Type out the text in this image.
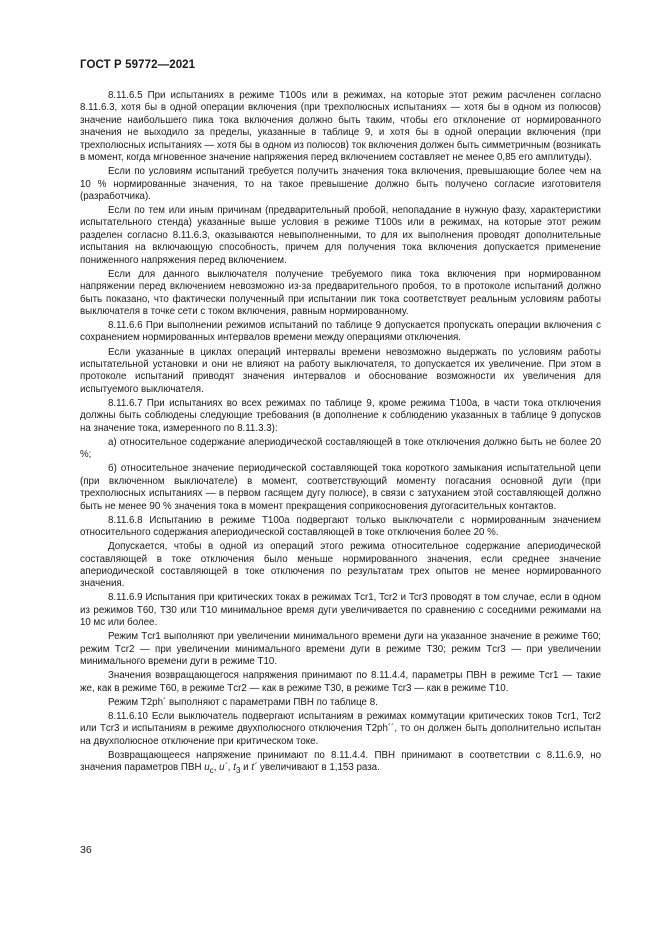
ГОСТ Р 59772—2021

8.11.6.5 При испытаниях в режиме Т100s или в режимах, на которые этот режим расчленен согласно 8.11.6.3, хотя бы в одной операции включения (при трехполюсных испытаниях — хотя бы в одном из полюсов) значение наибольшего пика тока включения должно быть таким, чтобы его отклонение от нормированного значения не выходило за пределы, указанные в таблице 9, и хотя бы в одной операции включения (при трехполюсных испытаниях — хотя бы в одном из полюсов) ток включения должен быть симметричным (возникать в момент, когда мгновенное значение напряжения перед включением составляет не менее 0,85 его амплитуды).

Если по условиям испытаний требуется получить значения тока включения, превышающие более чем на 10 % нормированные значения, то на такое превышение должно быть получено согласие изготовителя (разработчика).

Если по тем или иным причинам (предварительный пробой, непопадание в нужную фазу, характеристики испытательного стенда) указанные выше условия в режиме Т100s или в режимах, на которые этот режим разделен согласно 8.11.6.3, оказываются невыполненными, то для их выполнения проводят дополнительные испытания на включающую способность, причем для получения тока включения допускается применение пониженного напряжения перед включением.

Если для данного выключателя получение требуемого пика тока включения при нормированном напряжении перед включением невозможно из-за предварительного пробоя, то в протоколе испытаний должно быть показано, что фактически полученный при испытании пик тока соответствует реальным условиям работы выключателя в точке сети с током включения, равным нормированному.

8.11.6.6 При выполнении режимов испытаний по таблице 9 допускается пропускать операции включения с сохранением нормированных интервалов времени между операциями отключения.

Если указанные в циклах операций интервалы времени невозможно выдержать по условиям работы испытательной установки и они не влияют на работу выключателя, то допускается их увеличение. При этом в протоколе испытаний приводят значения интервалов и обоснование возможности их увеличения для испытуемого выключателя.

8.11.6.7 При испытаниях во всех режимах по таблице 9, кроме режима Т100а, в части тока отключения должны быть соблюдены следующие требования (в дополнение к соблюдению указанных в таблице 9 допусков на значение тока, измеренного по 8.11.3.3):

а) относительное содержание апериодической составляющей в токе отключения должно быть не более 20 %;

б) относительное значение периодической составляющей тока короткого замыкания испытательной цепи (при включенном выключателе) в момент, соответствующий моменту погасания основной дуги (при трехполюсных испытаниях — в первом гасящем дугу полюсе), в связи с затуханием этой составляющей должно быть не менее 90 % значения тока в момент прекращения соприкосновения дугогасительных контактов.

8.11.6.8 Испытанию в режиме Т100а подвергают только выключатели с нормированным значением относительного содержания апериодической составляющей в токе отключения более 20 %.

Допускается, чтобы в одной из операций этого режима относительное содержание апериодической составляющей в токе отключения было меньше нормированного значения, если среднее значение апериодической составляющей в токе отключения по результатам трех опытов не менее нормированного значения.

8.11.6.9 Испытания при критических токах в режимах Тcr1, Tcr2 и Tcr3 проводят в том случае, если в одном из режимов Т60, Т30 или Т10 минимальное время дуги увеличивается по сравнению с соседними режимами на 10 мс или более.

Режим Тcr1 выполняют при увеличении минимального времени дуги на указанное значение в режиме Т60; режим Тcr2 — при увеличении минимального времени дуги в режиме Т30; режим Тcr3 — при увеличении минимального времени дуги в режиме Т10.

Значения возвращающегося напряжения принимают по 8.11.4.4, параметры ПВН в режиме Тcr1 — такие же, как в режиме Т60, в режиме Тcr2 — как в режиме Т30, в режиме Тcr3 — как в режиме Т10.

Режим T2ph´ выполняют с параметрами ПВН по таблице 8.

8.11.6.10 Если выключатель подвергают испытаниям в режимах коммутации критических токов Тcr1, Tcr2 или Тcr3 и испытаниям в режиме двухполюсного отключения T2ph´´, то он должен быть дополнительно испытан на двухполюсное отключение при критическом токе.

Возвращающееся напряжение принимают по 8.11.4.4. ПВН принимают в соответствии с 8.11.6.9, но значения параметров ПВН $u_c$, u´, $t_3$ и t´ увеличивают в 1,153 раза.

36
